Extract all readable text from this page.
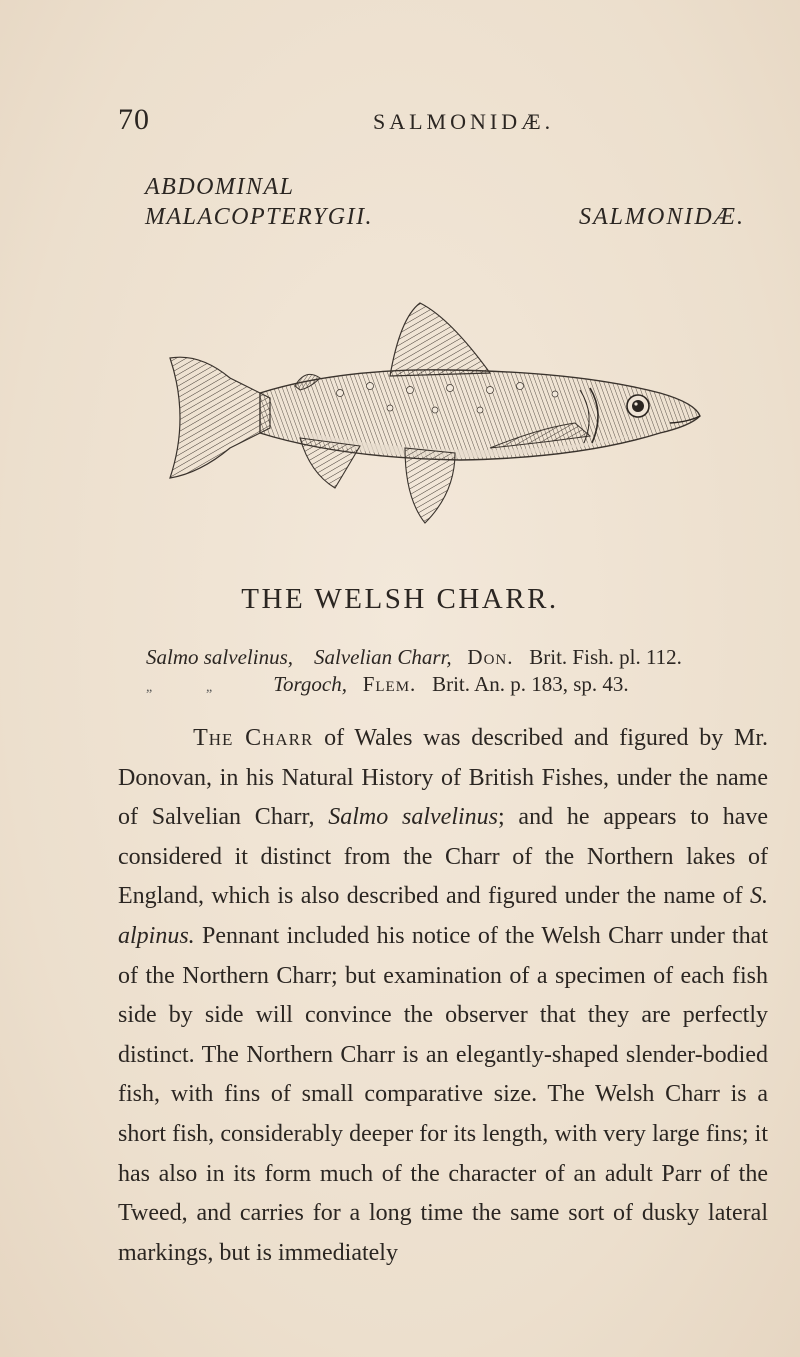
70	SALMONIDÆ.
ABDOMINAL
MALACOPTERYGII.	SALMONIDÆ.
THE WELSH CHARR.
Salmo salvelinus, Salvelian Charr, Don. Brit. Fish. pl. 112.
„	„	Torgoch, Flem. Brit. An. p. 183, sp. 43.

The Charr of Wales was described and figured by Mr. Donovan, in his Natural History of British Fishes, under the name of Salvelian Charr, Salmo salvelinus; and he appears to have considered it distinct from the Charr of the Northern lakes of England, which is also described and figured under the name of S. alpinus. Pennant included his notice of the Welsh Charr under that of the Northern Charr; but examination of a specimen of each fish side by side will convince the observer that they are perfectly distinct. The Northern Charr is an elegantly-shaped slender-bodied fish, with fins of small comparative size. The Welsh Charr is a short fish, considerably deeper for its length, with very large fins; it has also in its form much of the character of an adult Parr of the Tweed, and carries for a long time the same sort of dusky lateral markings, but is immediately
